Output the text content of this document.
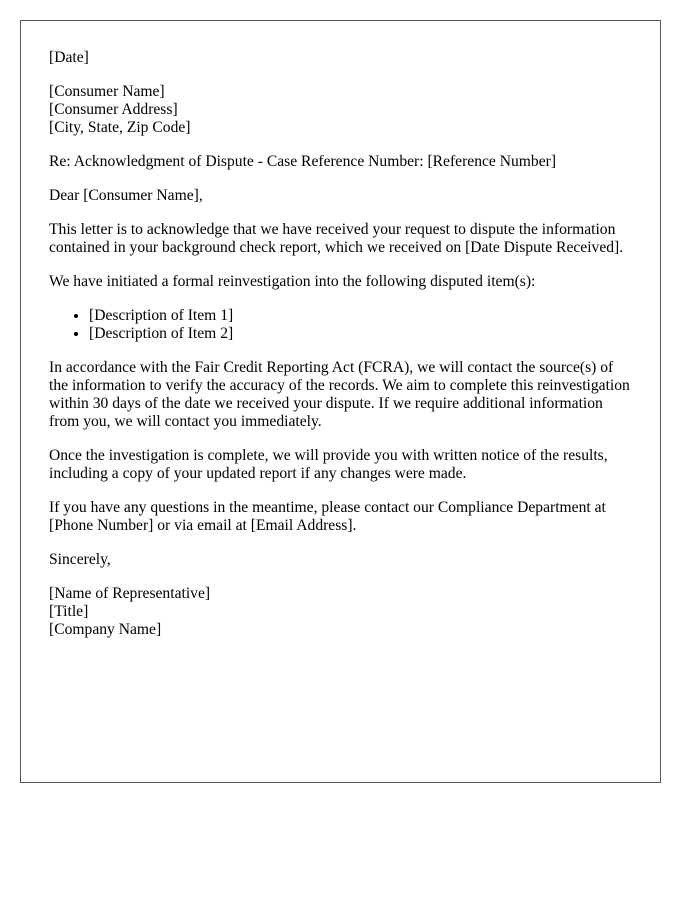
[Date]

[Consumer Name]
[Consumer Address]
[City, State, Zip Code]

Re: Acknowledgment of Dispute - Case Reference Number: [Reference Number]

Dear [Consumer Name],

This letter is to acknowledge that we have received your request to dispute the information contained in your background check report, which we received on [Date Dispute Received].

We have initiated a formal reinvestigation into the following disputed item(s):

• [Description of Item 1]
• [Description of Item 2]

In accordance with the Fair Credit Reporting Act (FCRA), we will contact the source(s) of the information to verify the accuracy of the records. We aim to complete this reinvestigation within 30 days of the date we received your dispute. If we require additional information from you, we will contact you immediately.

Once the investigation is complete, we will provide you with written notice of the results, including a copy of your updated report if any changes were made.

If you have any questions in the meantime, please contact our Compliance Department at [Phone Number] or via email at [Email Address].

Sincerely,

[Name of Representative]
[Title]
[Company Name]
